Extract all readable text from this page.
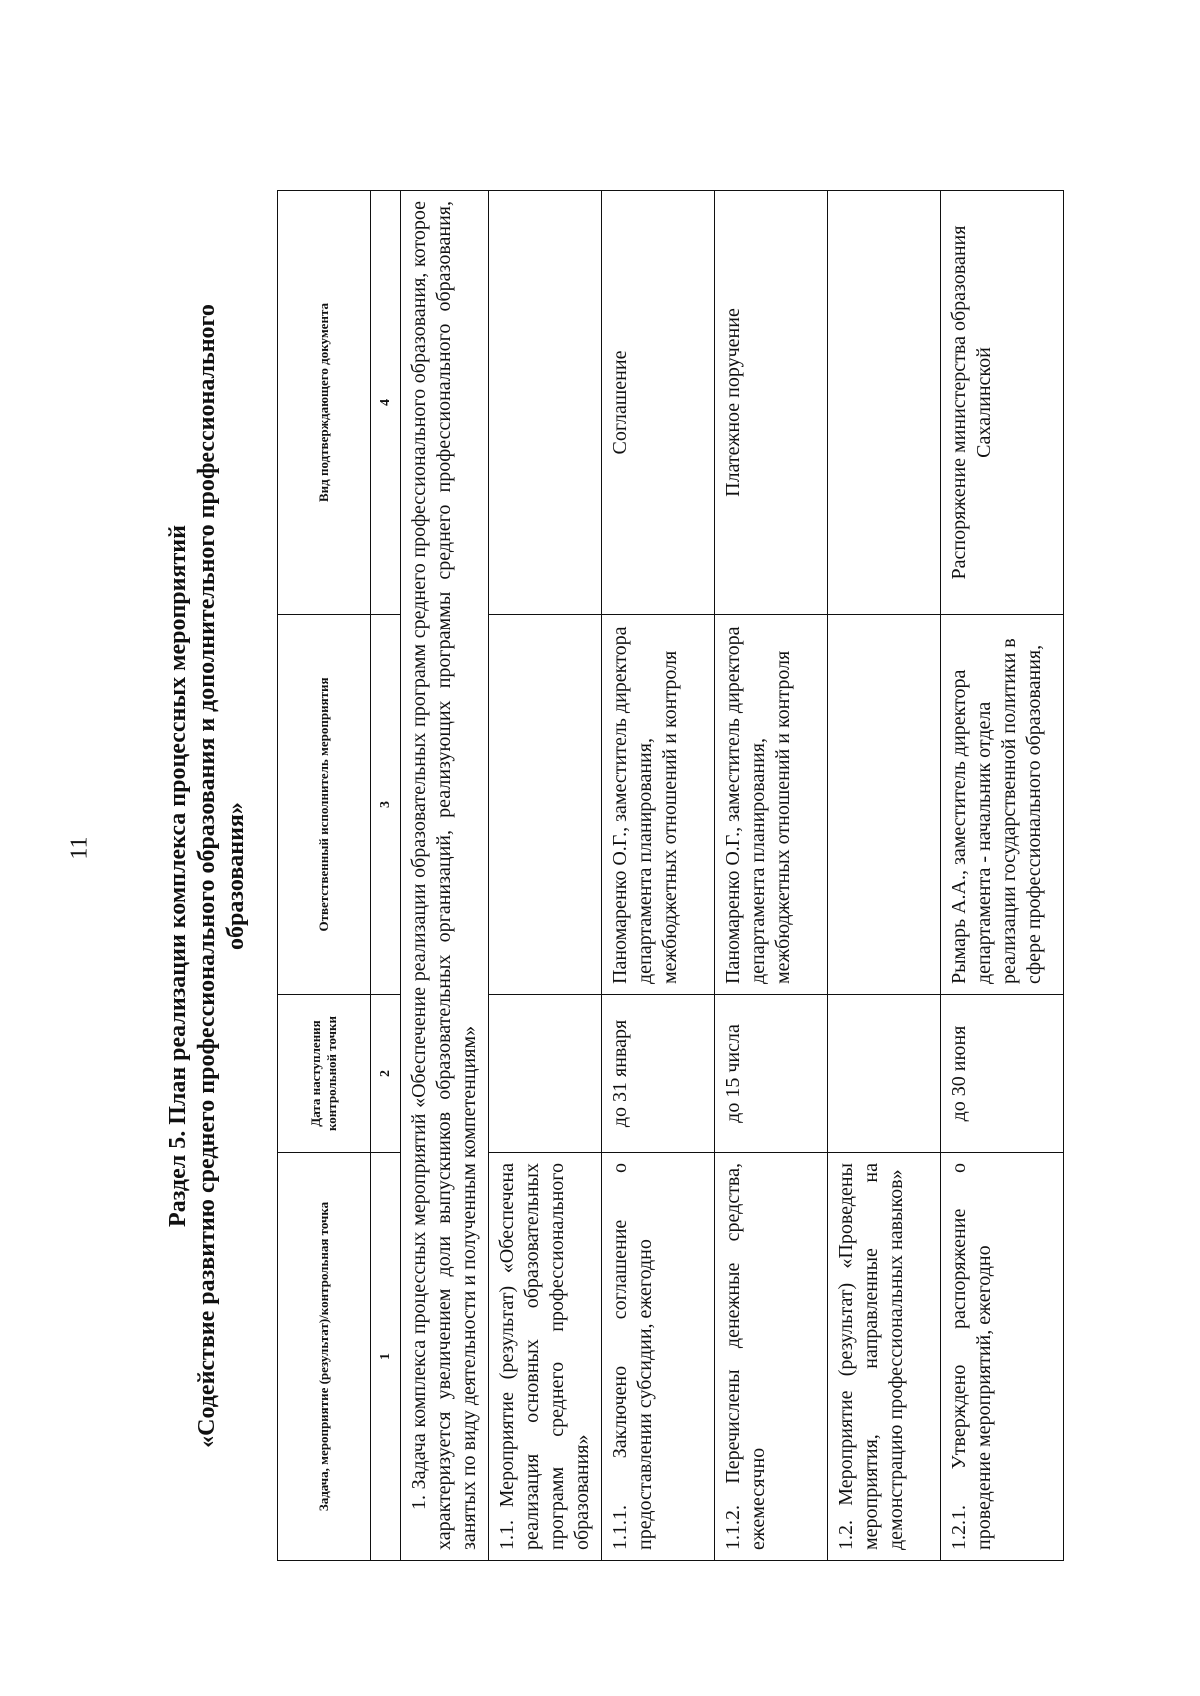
11	Раздел 5. План реализации комплекса процессных мероприятий «Содействие развитию среднего профессионального образования и дополнительного профессионального образования»
Задача, мероприятие (результат)/контрольная точка	Дата наступления контрольной точки	Ответственный исполнитель мероприятия	Вид подтверждающего документа
1	2	3	4
1. Задача комплекса процессных мероприятий «Обеспечение реализации образовательных программ среднего профессионального образования, которое характеризуется увеличением доли выпускников образовательных организаций, реализующих программы среднего профессионального образования, занятых по виду деятельности и полученным компетенциям»			
1.1. Мероприятие (результат) «Обеспечена реализация основных образовательных программ среднего профессионального образования»			
1.1.1. Заключено соглашение о предоставлении субсидии, ежегодно	до 31 января	Паномаренко О.Г., заместитель директора департамента планирования, межбюджетных отношений и контроля	Соглашение
1.1.2. Перечислены денежные средства, ежемесячно	до 15 числа	Паномаренко О.Г., заместитель директора департамента планирования, межбюджетных отношений и контроля	Платежное поручение
1.2. Мероприятие (результат) «Проведены мероприятия, направленные на демонстрацию профессиональных навыков»			
1.2.1. Утверждено распоряжение о проведение мероприятий, ежегодно	до 30 июня	Рымарь А.А., заместитель директора департамента - начальник отдела реализации государственной политики в сфере профессионального образования,	Распоряжение министерства образования Сахалинской
